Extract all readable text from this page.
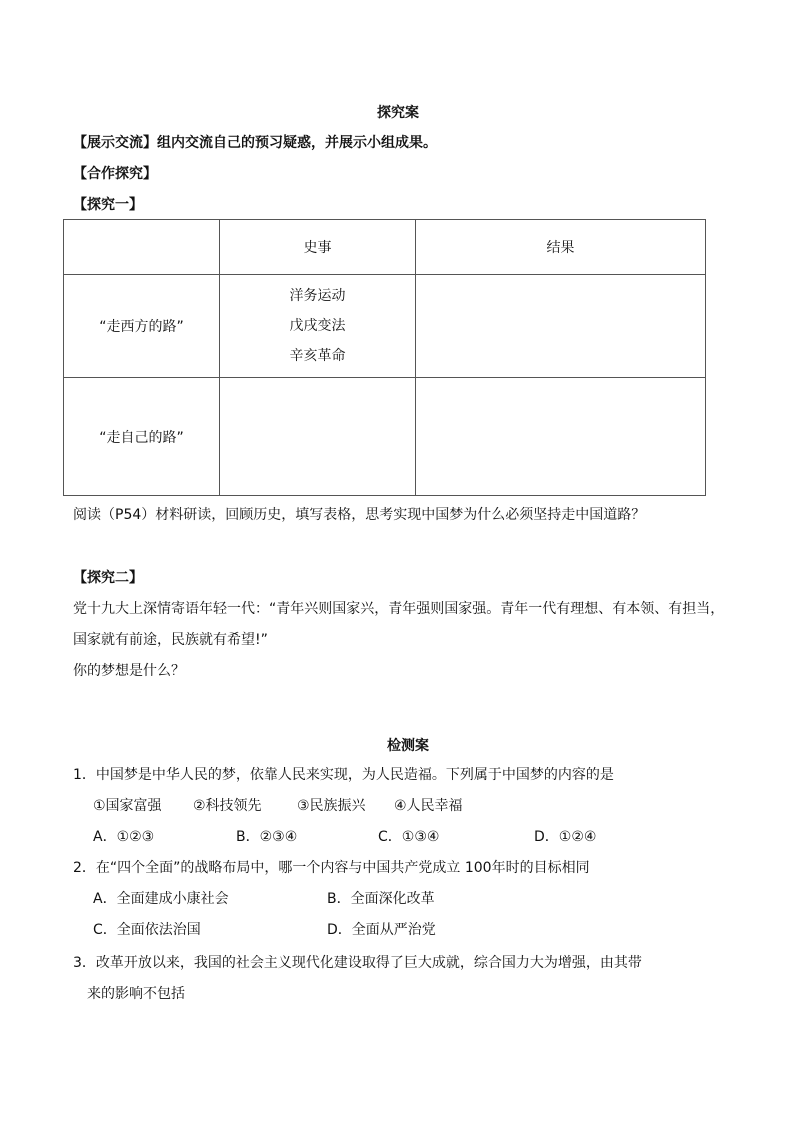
探究案
【展示交流】组内交流自己的预习疑惑，并展示小组成果。
【合作探究】
【探究一】
	史事	结果
“走西方的路”	洋务运动
戊戌变法
辛亥革命	

“走自己的路”		
阅读（P54）材料研读，回顾历史，填写表格，思考实现中国梦为什么必须坚持走中国道路？
【探究二】
党十九大上深情寄语年轻一代：“青年兴则国家兴，青年强则国家强。青年一代有理想、有本领、有担当，
国家就有前途，民族就有希望!”
你的梦想是什么？
检测案
1．中国梦是中华人民的梦，依靠人民来实现，为人民造福。下列属于中国梦的内容的是
①国家富强 ②科技领先	③民族振兴 ④人民幸福
A．①②③	B．②③④	C．①③④	D．①②④
2．在“四个全面”的战略布局中，哪一个内容与中国共产党成立 100年时的目标相同
A．全面建成小康社会	B．全面深化改革
C．全面依法治国	D．全面从严治党
3．改革开放以来，我国的社会主义现代化建设取得了巨大成就，综合国力大为增强，由其带
来的影响不包括
